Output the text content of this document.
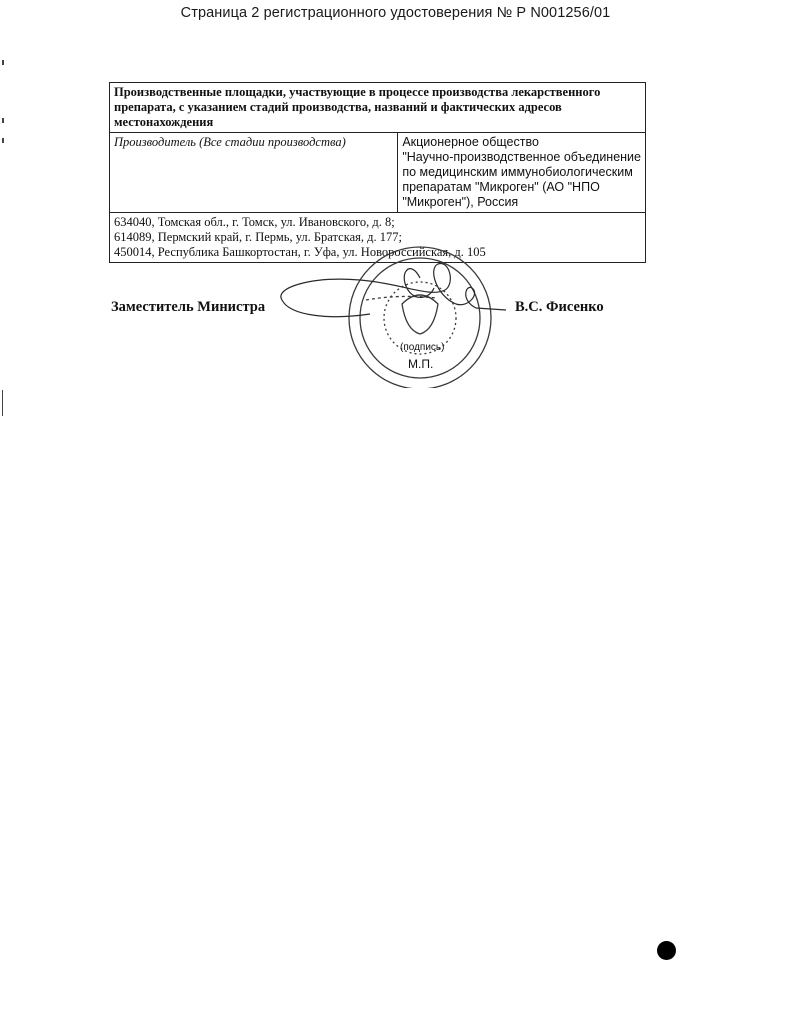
Страница 2 регистрационного удостоверения № Р N001256/01
Производственные площадки, участвующие в процессе производства лекарственного препарата, с указанием стадий производства, названий и фактических адресов местонахождения
Производитель (Все стадии производства)	Акционерное общество
"Научно-производственное объединение
по медицинским иммунобиологическим
препаратам "Микроген" (АО "НПО
"Микроген"), Россия

634040, Томская обл., г. Томск, ул. Ивановского, д. 8;
614089, Пермский край, г. Пермь, ул. Братская, д. 177;
450014, Республика Башкортостан, г. Уфа, ул. Новороссийская, д. 105
Заместитель Министра
(подпись)
М.П.
В.С. Фисенко
